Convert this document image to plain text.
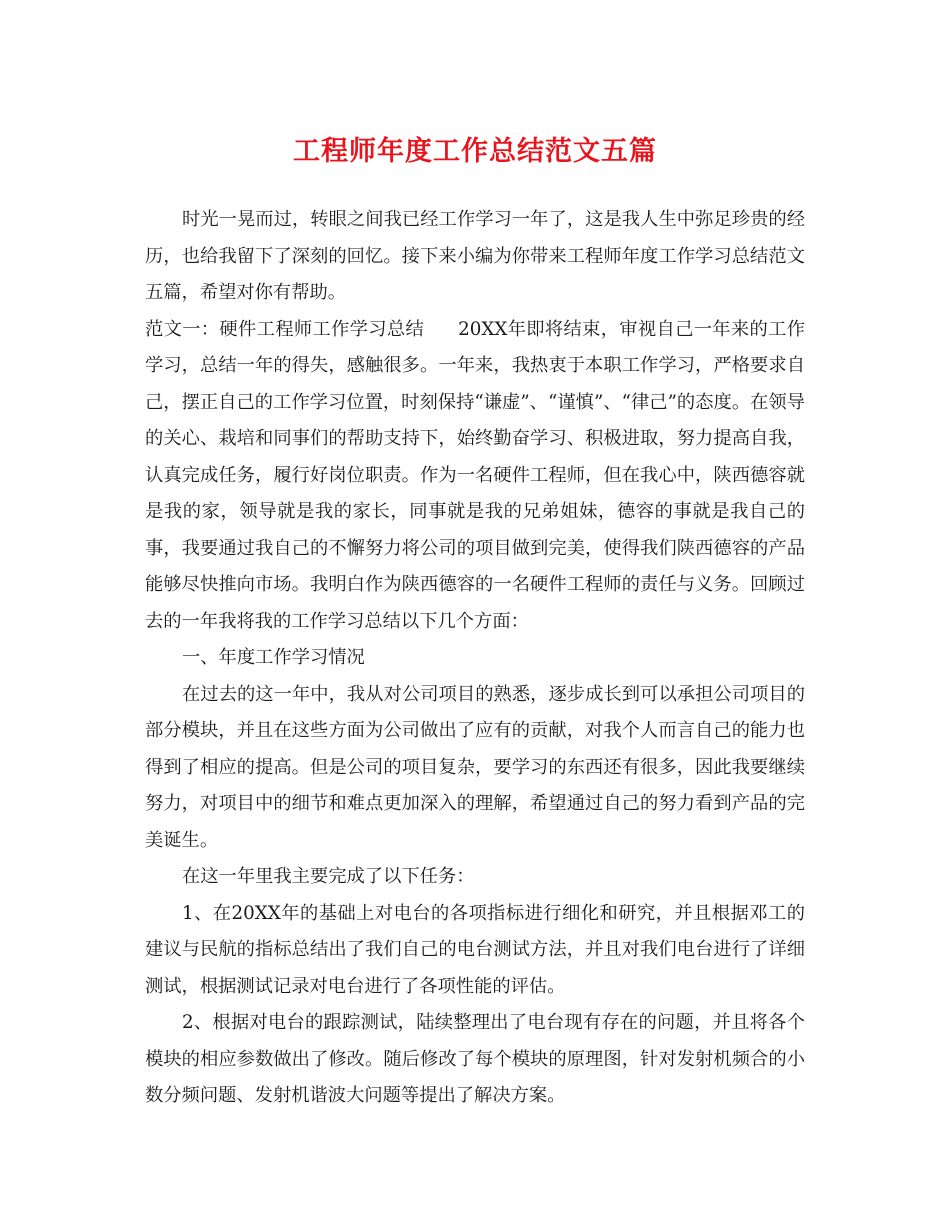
工程师年度工作总结范文五篇

时光一晃而过，转眼之间我已经工作学习一年了，这是我人生中弥足珍贵的经历，也给我留下了深刻的回忆。接下来小编为你带来工程师年度工作学习总结范文五篇，希望对你有帮助。

范文一：硬件工程师工作学习总结 20XX年即将结束，审视自己一年来的工作学习，总结一年的得失，感触很多。一年来，我热衷于本职工作学习，严格要求自己，摆正自己的工作学习位置，时刻保持“谦虚”、“谨慎”、“律己”的态度。在领导的关心、栽培和同事们的帮助支持下，始终勤奋学习、积极进取，努力提高自我，认真完成任务，履行好岗位职责。作为一名硬件工程师，但在我心中，陕西德容就是我的家，领导就是我的家长，同事就是我的兄弟姐妹，德容的事就是我自己的事，我要通过我自己的不懈努力将公司的项目做到完美，使得我们陕西德容的产品能够尽快推向市场。我明白作为陕西德容的一名硬件工程师的责任与义务。回顾过去的一年我将我的工作学习总结以下几个方面：

一、年度工作学习情况

在过去的这一年中，我从对公司项目的熟悉，逐步成长到可以承担公司项目的部分模块，并且在这些方面为公司做出了应有的贡献，对我个人而言自己的能力也得到了相应的提高。但是公司的项目复杂，要学习的东西还有很多，因此我要继续努力，对项目中的细节和难点更加深入的理解，希望通过自己的努力看到产品的完美诞生。

在这一年里我主要完成了以下任务：

1、在20XX年的基础上对电台的各项指标进行细化和研究，并且根据邓工的建议与民航的指标总结出了我们自己的电台测试方法，并且对我们电台进行了详细测试，根据测试记录对电台进行了各项性能的评估。

2、根据对电台的跟踪测试，陆续整理出了电台现有存在的问题，并且将各个模块的相应参数做出了修改。随后修改了每个模块的原理图，针对发射机频合的小数分频问题、发射机谐波大问题等提出了解决方案。
